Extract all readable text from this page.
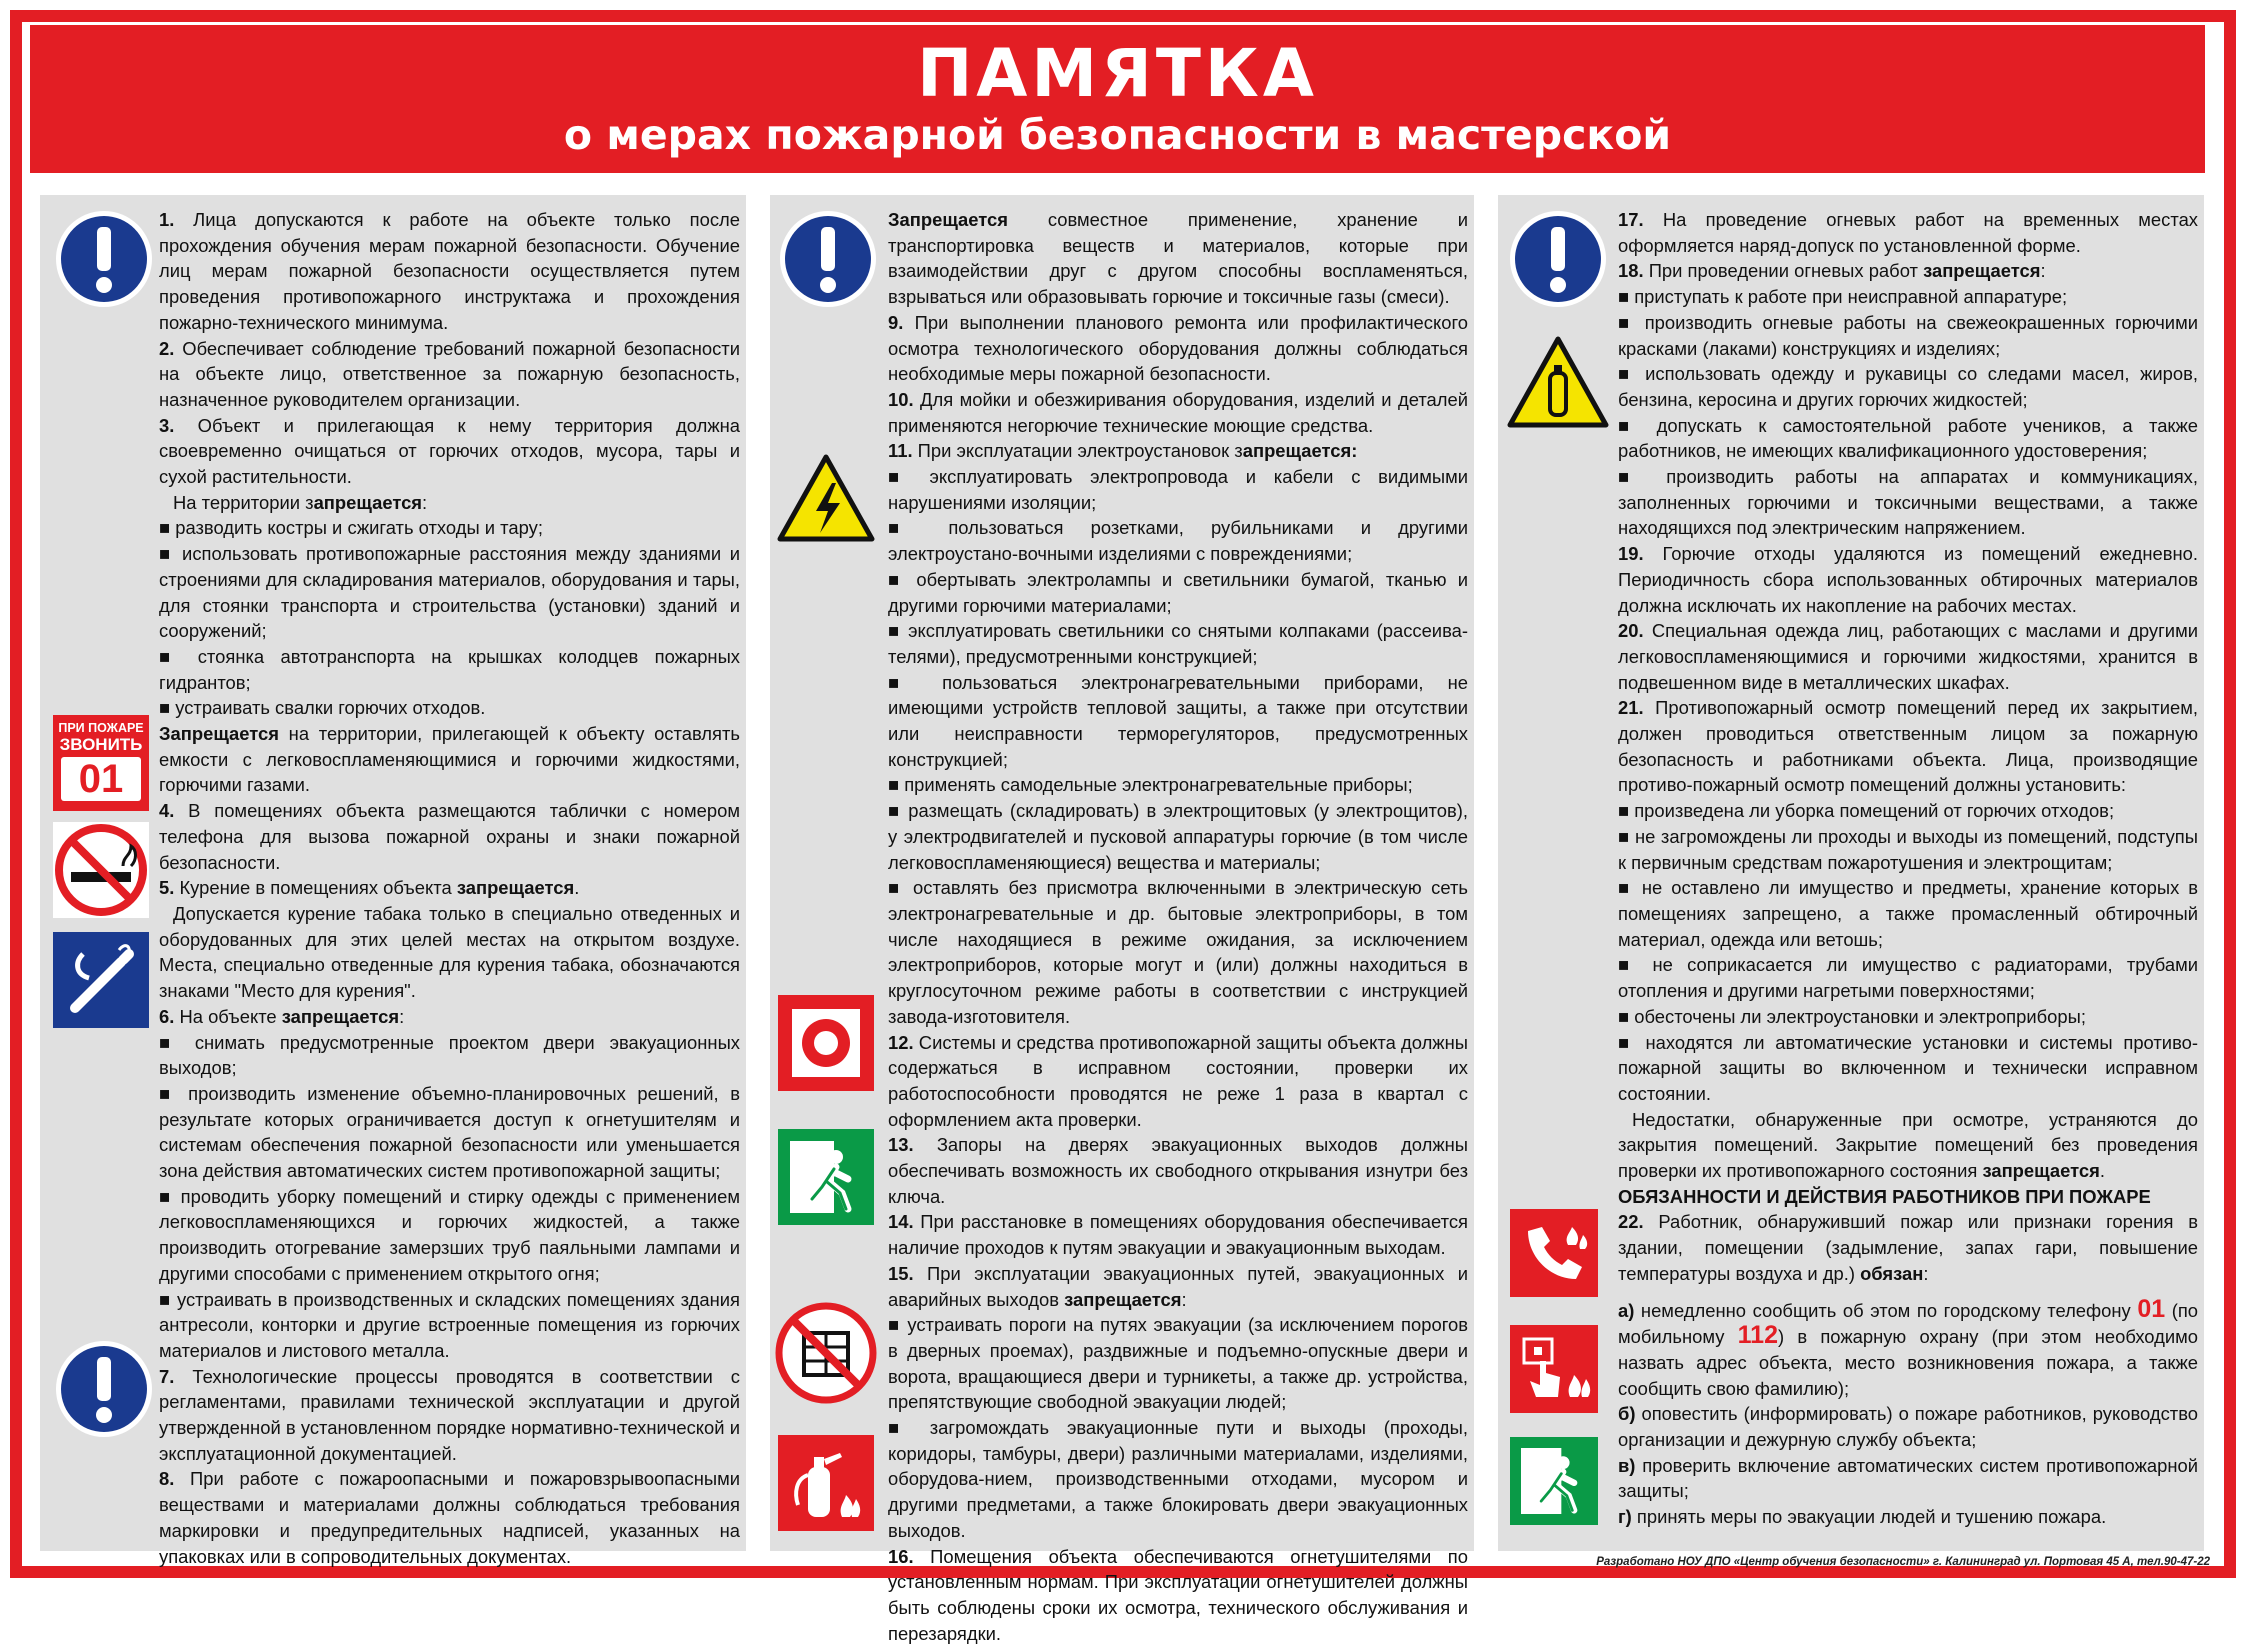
ПАМЯТКА
о мерах пожарной безопасности в мастерской
ПРИ ПОЖАРЕ
ЗВОНИТЬ
01

1. Лица допускаются к работе на объекте только после прохождения обучения мерам пожарной безопасности. Обучение лиц мерам пожарной безопасности осуществляется путем проведения противопожарного инструктажа и прохождения пожарно-технического минимума.

2. Обеспечивает соблюдение требований пожарной безопасности на объекте лицо, ответственное за пожарную безопасность, назначенное руководителем организации.

3. Объект и прилегающая к нему территория должна своевременно очищаться от горючих отходов, мусора, тары и сухой растительности.

На территории запрещается:

■ разводить костры и сжигать отходы и тару;

■ использовать противопожарные расстояния между зданиями и строениями для складирования материалов, оборудования и тары, для стоянки транспорта и строительства (установки) зданий и сооружений;

■ стоянка автотранспорта на крышках колодцев пожарных гидрантов;

■ устраивать свалки горючих отходов.

Запрещается на территории, прилегающей к объекту оставлять емкости с легковоспламеняющимися и горючими жидкостями, горючими газами.

4. В помещениях объекта размещаются таблички с номером телефона для вызова пожарной охраны и знаки пожарной безопасности.

5. Курение в помещениях объекта запрещается.

Допускается курение табака только в специально отведенных и оборудованных для этих целей местах на открытом воздухе. Места, специально отведенные для курения табака, обозначаются знаками "Место для курения".

6. На объекте запрещается:

■ снимать предусмотренные проектом двери эвакуационных выходов;

■ производить изменение объемно-планировочных решений, в результате которых ограничивается доступ к огнетушителям и системам обеспечения пожарной безопасности или уменьшается зона действия автоматических систем противопожарной защиты;

■ проводить уборку помещений и стирку одежды с применением легковоспламеняющихся и горючих жидкостей, а также производить отогревание замерзших труб паяльными лампами и другими способами с применением открытого огня;

■ устраивать в производственных и складских помещениях здания антресоли, конторки и другие встроенные помещения из горючих материалов и листового металла.

7. Технологические процессы проводятся в соответствии с регламентами, правилами технической эксплуатации и другой утвержденной в установленном порядке нормативно-технической и эксплуатационной документацией.

8. При работе с пожароопасными и пожаровзрывоопасными веществами и материалами должны соблюдаться требования маркировки и предупредительных надписей, указанных на упаковках или в сопроводительных документах.

Запрещается совместное применение, хранение и транспортировка веществ и материалов, которые при взаимодействии друг с другом способны воспламеняться, взрываться или образовывать горючие и токсичные газы (смеси).

9. При выполнении планового ремонта или профилактического осмотра технологического оборудования должны соблюдаться необходимые меры пожарной безопасности.

10. Для мойки и обезжиривания оборудования, изделий и деталей применяются негорючие технические моющие средства.

11. При эксплуатации электроустановок запрещается:

■ эксплуатировать электропровода и кабели с видимыми нарушениями изоляции;

■ пользоваться розетками, рубильниками и другими электроустано-вочными изделиями с повреждениями;

■ обертывать электролампы и светильники бумагой, тканью и другими горючими материалами;

■ эксплуатировать светильники со снятыми колпаками (рассеива-телями), предусмотренными конструкцией;

■ пользоваться электронагревательными приборами, не имеющими устройств тепловой защиты, а также при отсутствии или неисправности терморегуляторов, предусмотренных конструкцией;

■ применять самодельные электронагревательные приборы;

■ размещать (складировать) в электрощитовых (у электрощитов), у электродвигателей и пусковой аппаратуры горючие (в том числе легковоспламеняющиеся) вещества и материалы;

■ оставлять без присмотра включенными в электрическую сеть электронагревательные и др. бытовые электроприборы, в том числе находящиеся в режиме ожидания, за исключением электроприборов, которые могут и (или) должны находиться в круглосуточном режиме работы в соответствии с инструкцией завода-изготовителя.

12. Системы и средства противопожарной защиты объекта должны содержаться в исправном состоянии, проверки их работоспособности проводятся не реже 1 раза в квартал с оформлением акта проверки.

13. Запоры на дверях эвакуационных выходов должны обеспечивать возможность их свободного открывания изнутри без ключа.

14. При расстановке в помещениях оборудования обеспечивается наличие проходов к путям эвакуации и эвакуационным выходам.

15. При эксплуатации эвакуационных путей, эвакуационных и аварийных выходов запрещается:

■ устраивать пороги на путях эвакуации (за исключением порогов в дверных проемах), раздвижные и подъемно-опускные двери и ворота, вращающиеся двери и турникеты, а также др. устройства, препятствующие свободной эвакуации людей;

■ загромождать эвакуационные пути и выходы (проходы, коридоры, тамбуры, двери) различными материалами, изделиями, оборудова-нием, производственными отходами, мусором и другими предметами, а также блокировать двери эвакуационных выходов.

16. Помещения объекта обеспечиваются огнетушителями по установленным нормам. При эксплуатации огнетушителей должны быть соблюдены сроки их осмотра, технического обслуживания и перезарядки.

17. На проведение огневых работ на временных местах оформляется наряд-допуск по установленной форме.

18. При проведении огневых работ запрещается:

■ приступать к работе при неисправной аппаратуре;

■ производить огневые работы на свежеокрашенных горючими красками (лаками) конструкциях и изделиях;

■ использовать одежду и рукавицы со следами масел, жиров, бензина, керосина и других горючих жидкостей;

■ допускать к самостоятельной работе учеников, а также работников, не имеющих квалификационного удостоверения;

■ производить работы на аппаратах и коммуникациях, заполненных горючими и токсичными веществами, а также находящихся под электрическим напряжением.

19. Горючие отходы удаляются из помещений ежедневно. Периодичность сбора использованных обтирочных материалов должна исключать их накопление на рабочих местах.

20. Специальная одежда лиц, работающих с маслами и другими легковоспламеняющимися и горючими жидкостями, хранится в подвешенном виде в металлических шкафах.

21. Противопожарный осмотр помещений перед их закрытием, должен проводиться ответственным лицом за пожарную безопасность и работниками объекта. Лица, производящие противо-пожарный осмотр помещений должны установить:

■ произведена ли уборка помещений от горючих отходов;

■ не загромождены ли проходы и выходы из помещений, подступы к первичным средствам пожаротушения и электрощитам;

■ не оставлено ли имущество и предметы, хранение которых в помещениях запрещено, а также промасленный обтирочный материал, одежда или ветошь;

■ не соприкасается ли имущество с радиаторами, трубами отопления и другими нагретыми поверхностями;

■ обесточены ли электроустановки и электроприборы;

■ находятся ли автоматические установки и системы противо-пожарной защиты во включенном и технически исправном состоянии.

Недостатки, обнаруженные при осмотре, устраняются до закрытия помещений. Закрытие помещений без проведения проверки их противопожарного состояния запрещается.

ОБЯЗАННОСТИ И ДЕЙСТВИЯ РАБОТНИКОВ ПРИ ПОЖАРЕ

22. Работник, обнаруживший пожар или признаки горения в здании, помещении (задымление, запах гари, повышение температуры воздуха и др.) обязан:

а) немедленно сообщить об этом по городскому телефону 01 (по мобильному 112) в пожарную охрану (при этом необходимо назвать адрес объекта, место возникновения пожара, а также сообщить свою фамилию);

б) оповестить (информировать) о пожаре работников, руководство организации и дежурную службу объекта;

в) проверить включение автоматических систем противопожарной защиты;

г) принять меры по эвакуации людей и тушению пожара.

Разработано НОУ ДПО «Центр обучения безопасности» г. Калининград ул. Портовая 45 А, тел.90-47-22
